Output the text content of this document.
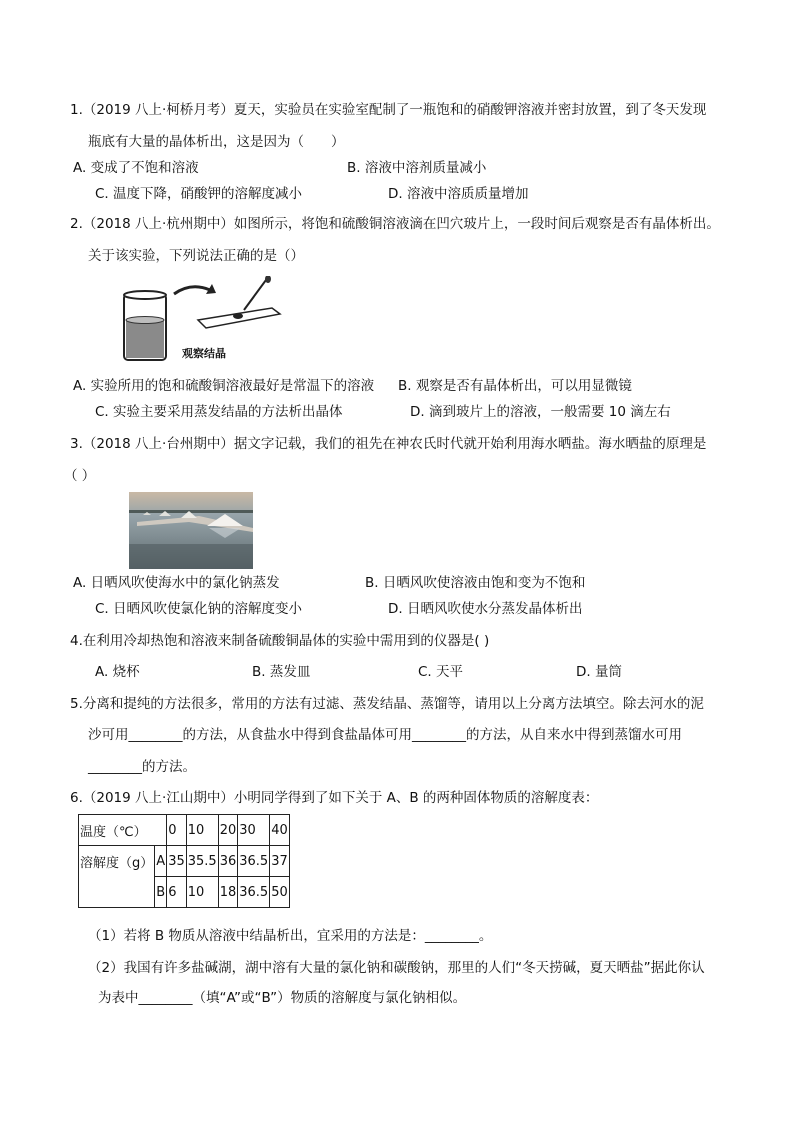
1.（2019 八上·柯桥月考）夏天，实验员在实验室配制了一瓶饱和的硝酸钾溶液并密封放置，到了冬天发现
瓶底有大量的晶体析出，这是因为（　　）
A. 变成了不饱和溶液	B. 溶液中溶剂质量减小
C. 温度下降，硝酸钾的溶解度减小	D. 溶液中溶质质量增加
2.（2018 八上·杭州期中）如图所示，将饱和硫酸铜溶液滴在凹穴玻片上，一段时间后观察是否有晶体析出。
关于该实验，下列说法正确的是（）
观察结晶
A. 实验所用的饱和硫酸铜溶液最好是常温下的溶液 B. 观察是否有晶体析出，可以用显微镜
C. 实验主要采用蒸发结晶的方法析出晶体	D. 滴到玻片上的溶液，一般需要 10 滴左右
3.（2018 八上·台州期中）据文字记载，我们的祖先在神农氏时代就开始利用海水晒盐。海水晒盐的原理是
（ ）
A. 日晒风吹使海水中的氯化钠蒸发	B. 日晒风吹使溶液由饱和变为不饱和
C. 日晒风吹使氯化钠的溶解度变小	D. 日晒风吹使水分蒸发晶体析出
4.在利用冷却热饱和溶液来制备硫酸铜晶体的实验中需用到的仪器是( )
A. 烧杯	B. 蒸发皿	C. 天平	D. 量筒
5.分离和提纯的方法很多，常用的方法有过滤、蒸发结晶、蒸馏等，请用以上分离方法填空。除去河水的泥
沙可用________的方法，从食盐水中得到食盐晶体可用________的方法，从自来水中得到蒸馏水可用
________的方法。
6.（2019 八上·江山期中）小明同学得到了如下关于 A、B 的两种固体物质的溶解度表：
温度（℃）		0	10	20	30	40
溶解度（g）	A	35	35.5	36	36.5	37
	B	6	10	18	36.5	50
（1）若将 B 物质从溶液中结晶析出，宜采用的方法是：________。
（2）我国有许多盐碱湖，湖中溶有大量的氯化钠和碳酸钠，那里的人们“冬天捞碱，夏天晒盐”据此你认
为表中________（填“A”或“B”）物质的溶解度与氯化钠相似。
